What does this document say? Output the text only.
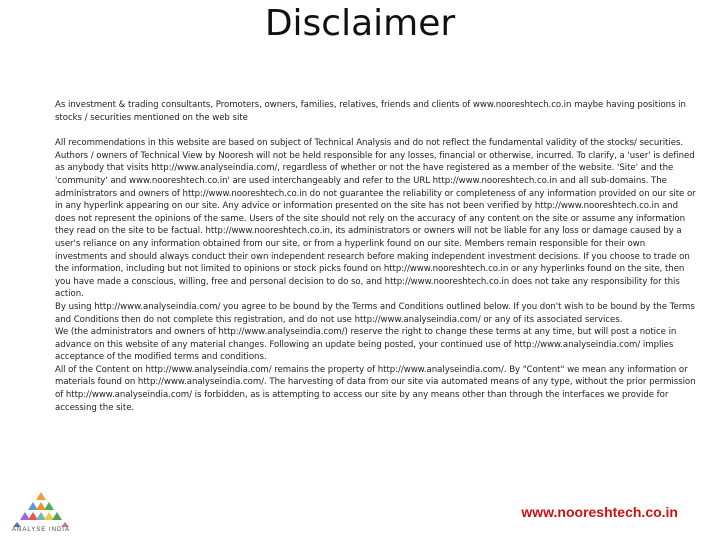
Disclaimer

As investment & trading consultants, Promoters, owners, families, relatives, friends and clients of www.nooreshtech.co.in maybe having positions in stocks / securities mentioned on the web site

All recommendations in this website are based on subject of Technical Analysis and do not reflect the fundamental validity of the stocks/ securities. Authors / owners of Technical View by Nooresh will not be held responsible for any losses, financial or otherwise, incurred. To clarify, a 'user' is defined as anybody that visits http://www.analyseindia.com/, regardless of whether or not the have registered as a member of the website. 'Site' and the 'community' and www.nooreshtech.co.in' are used interchangeably and refer to the URL http://www.nooreshtech.co.in and all sub-domains. The administrators and owners of http://www.nooreshtech.co.in do not guarantee the reliability or completeness of any information provided on our site or in any hyperlink appearing on our site. Any advice or information presented on the site has not been verified by http://www.nooreshtech.co.in and does not represent the opinions of the same. Users of the site should not rely on the accuracy of any content on the site or assume any information they read on the site to be factual. http://www.nooreshtech.co.in, its administrators or owners will not be liable for any loss or damage caused by a user's reliance on any information obtained from our site, or from a hyperlink found on our site. Members remain responsible for their own investments and should always conduct their own independent research before making independent investment decisions. If you choose to trade on the information, including but not limited to opinions or stock picks found on http://www.nooreshtech.co.in or any hyperlinks found on the site, then you have made a conscious, willing, free and personal decision to do so, and http://www.nooreshtech.co.in does not take any responsibility for this action.

By using http://www.analyseindia.com/ you agree to be bound by the Terms and Conditions outlined below. If you don't wish to be bound by the Terms and Conditions then do not complete this registration, and do not use http://www.analyseindia.com/ or any of its associated services.

We (the administrators and owners of http://www.analyseindia.com/) reserve the right to change these terms at any time, but will post a notice in advance on this website of any material changes. Following an update being posted, your continued use of http://www.analyseindia.com/ implies acceptance of the modified terms and conditions.

All of the Content on http://www.analyseindia.com/ remains the property of http://www.analyseindia.com/. By "Content" we mean any information or materials found on http://www.analyseindia.com/. The harvesting of data from our site via automated means of any type, without the prior permission of http://www.analyseindia.com/ is forbidden, as is attempting to access our site by any means other than through the interfaces we provide for accessing the site.

ANALYSE INDIA
www.nooreshtech.co.in
